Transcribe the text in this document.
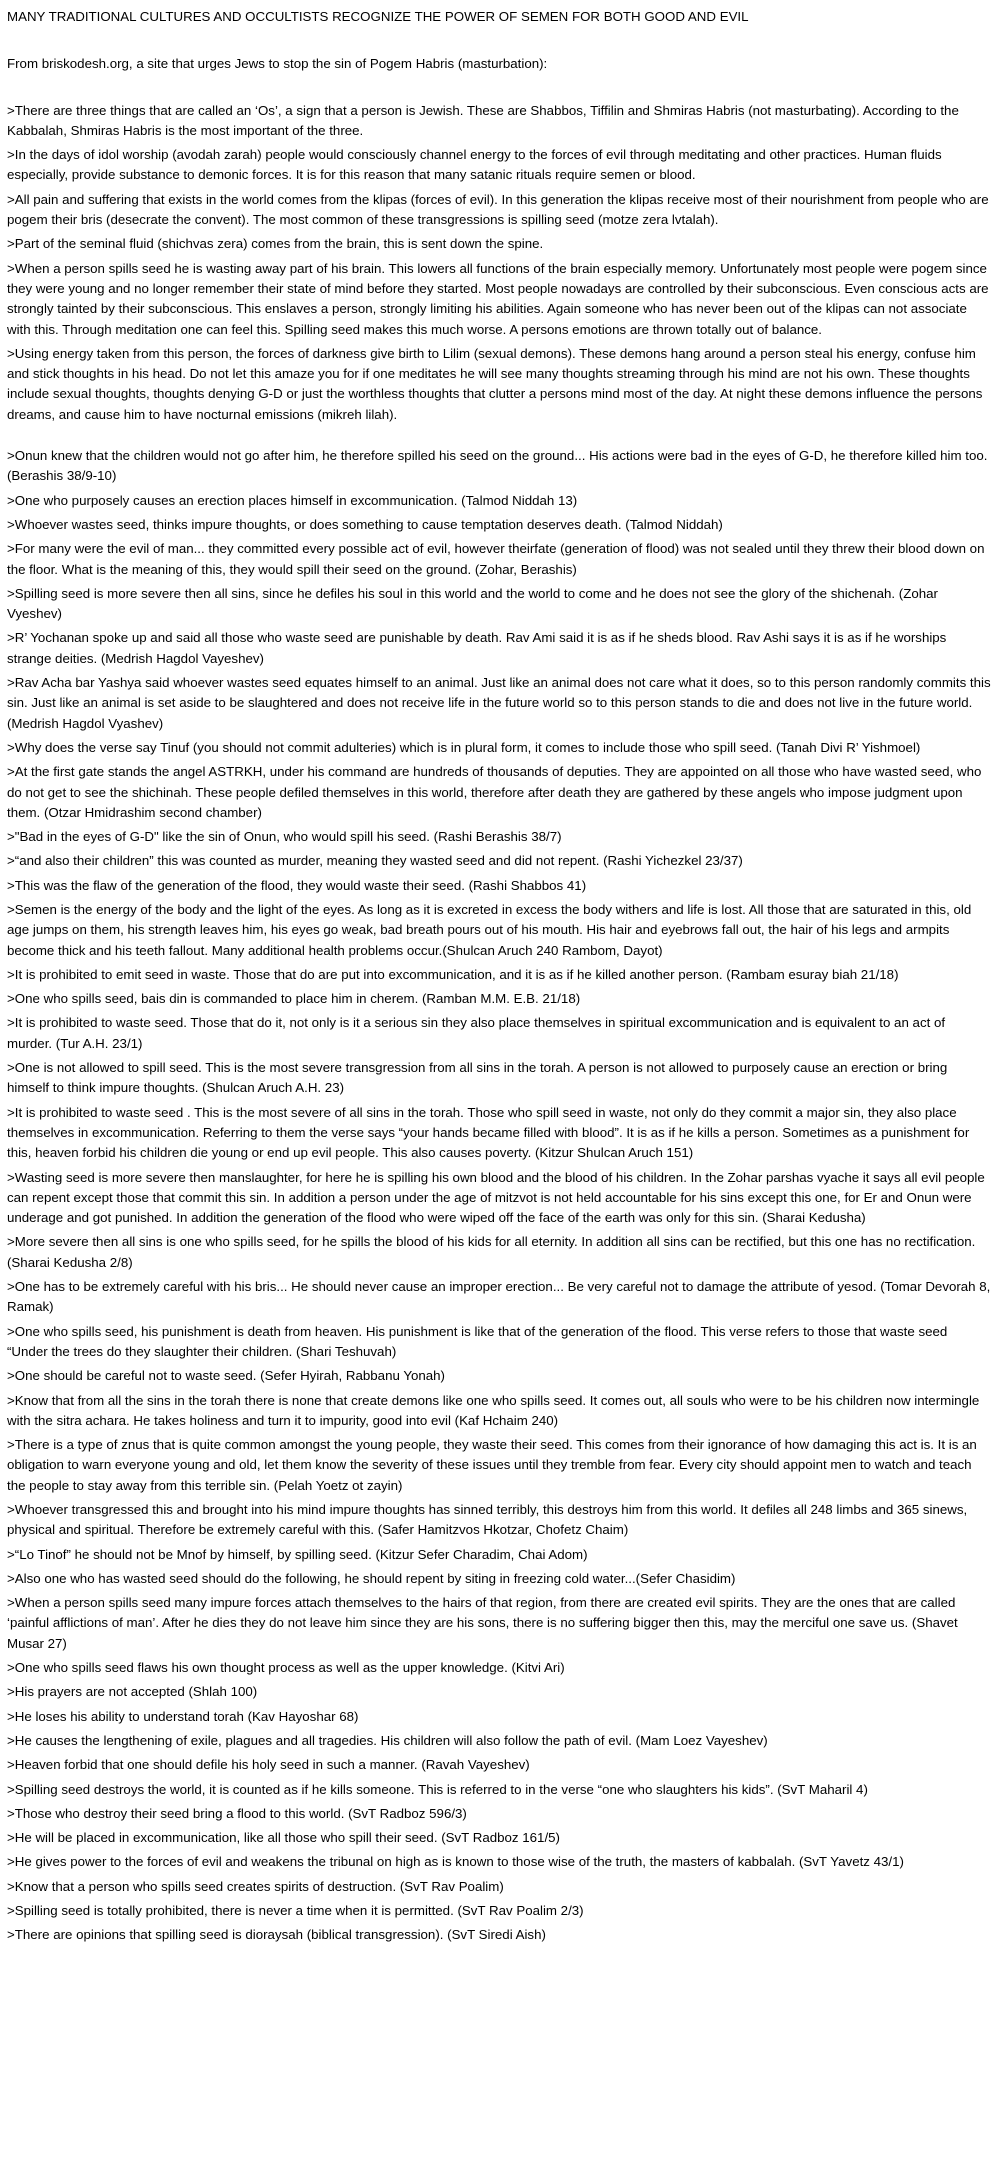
MANY TRADITIONAL CULTURES AND OCCULTISTS RECOGNIZE THE POWER OF SEMEN FOR BOTH GOOD AND EVIL

From briskodesh.org, a site that urges Jews to stop the sin of Pogem Habris (masturbation):

>There are three things that are called an ‘Os’, a sign that a person is Jewish. These are Shabbos, Tiffilin and Shmiras Habris (not masturbating). According to the Kabbalah, Shmiras Habris is the most important of the three.

>In the days of idol worship (avodah zarah) people would consciously channel energy to the forces of evil through meditating and other practices. Human fluids especially, provide substance to demonic forces. It is for this reason that many satanic rituals require semen or blood.

>All pain and suffering that exists in the world comes from the klipas (forces of evil). In this generation the klipas receive most of their nourishment from people who are pogem their bris (desecrate the convent). The most common of these transgressions is spilling seed (motze zera lvtalah).

>Part of the seminal fluid (shichvas zera) comes from the brain, this is sent down the spine.

>When a person spills seed he is wasting away part of his brain. This lowers all functions of the brain especially memory. Unfortunately most people were pogem since they were young and no longer remember their state of mind before they started. Most people nowadays are controlled by their subconscious. Even conscious acts are strongly tainted by their subconscious. This enslaves a person, strongly limiting his abilities. Again someone who has never been out of the klipas can not associate with this. Through meditation one can feel this. Spilling seed makes this much worse. A persons emotions are thrown totally out of balance.

>Using energy taken from this person, the forces of darkness give birth to Lilim (sexual demons). These demons hang around a person steal his energy, confuse him and stick thoughts in his head. Do not let this amaze you for if one meditates he will see many thoughts streaming through his mind are not his own. These thoughts include sexual thoughts, thoughts denying G-D or just the worthless thoughts that clutter a persons mind most of the day. At night these demons influence the persons dreams, and cause him to have nocturnal emissions (mikreh lilah).

>Onun knew that the children would not go after him, he therefore spilled his seed on the ground... His actions were bad in the eyes of G-D, he therefore killed him too. (Berashis 38/9-10)

>One who purposely causes an erection places himself in excommunication. (Talmod Niddah 13)

>Whoever wastes seed, thinks impure thoughts, or does something to cause temptation deserves death. (Talmod Niddah)

>For many were the evil of man... they committed every possible act of evil, however theirfate (generation of flood) was not sealed until they threw their blood down on the floor. What is the meaning of this, they would spill their seed on the ground. (Zohar, Berashis)

>Spilling seed is more severe then all sins, since he defiles his soul in this world and the world to come and he does not see the glory of the shichenah. (Zohar Vyeshev)

>R’ Yochanan spoke up and said all those who waste seed are punishable by death. Rav Ami said it is as if he sheds blood. Rav Ashi says it is as if he worships strange deities. (Medrish Hagdol Vayeshev)

>Rav Acha bar Yashya said whoever wastes seed equates himself to an animal. Just like an animal does not care what it does, so to this person randomly commits this sin. Just like an animal is set aside to be slaughtered and does not receive life in the future world so to this person stands to die and does not live in the future world. (Medrish Hagdol Vyashev)

>Why does the verse say Tinuf (you should not commit adulteries) which is in plural form, it comes to include those who spill seed. (Tanah Divi R’ Yishmoel)

>At the first gate stands the angel ASTRKH, under his command are hundreds of thousands of deputies. They are appointed on all those who have wasted seed, who do not get to see the shichinah. These people defiled themselves in this world, therefore after death they are gathered by these angels who impose judgment upon them. (Otzar Hmidrashim second chamber)

>"Bad in the eyes of G-D" like the sin of Onun, who would spill his seed. (Rashi Berashis 38/7)

>“and also their children” this was counted as murder, meaning they wasted seed and did not repent. (Rashi Yichezkel 23/37)

>This was the flaw of the generation of the flood, they would waste their seed. (Rashi Shabbos 41)

>Semen is the energy of the body and the light of the eyes. As long as it is excreted in excess the body withers and life is lost. All those that are saturated in this, old age jumps on them, his strength leaves him, his eyes go weak, bad breath pours out of his mouth. His hair and eyebrows fall out, the hair of his legs and armpits become thick and his teeth fallout. Many additional health problems occur.(Shulcan Aruch 240 Rambom, Dayot)

>It is prohibited to emit seed in waste. Those that do are put into excommunication, and it is as if he killed another person. (Rambam esuray biah 21/18)

>One who spills seed, bais din is commanded to place him in cherem. (Ramban M.M. E.B. 21/18)

>It is prohibited to waste seed. Those that do it, not only is it a serious sin they also place themselves in spiritual excommunication and is equivalent to an act of murder. (Tur A.H. 23/1)

>One is not allowed to spill seed. This is the most severe transgression from all sins in the torah. A person is not allowed to purposely cause an erection or bring himself to think impure thoughts. (Shulcan Aruch A.H. 23)

>It is prohibited to waste seed . This is the most severe of all sins in the torah. Those who spill seed in waste, not only do they commit a major sin, they also place themselves in excommunication. Referring to them the verse says “your hands became filled with blood”. It is as if he kills a person. Sometimes as a punishment for this, heaven forbid his children die young or end up evil people. This also causes poverty. (Kitzur Shulcan Aruch 151)

>Wasting seed is more severe then manslaughter, for here he is spilling his own blood and the blood of his children. In the Zohar parshas vyache it says all evil people can repent except those that commit this sin. In addition a person under the age of mitzvot is not held accountable for his sins except this one, for Er and Onun were underage and got punished. In addition the generation of the flood who were wiped off the face of the earth was only for this sin. (Sharai Kedusha)

>More severe then all sins is one who spills seed, for he spills the blood of his kids for all eternity. In addition all sins can be rectified, but this one has no rectification. (Sharai Kedusha 2/8)

>One has to be extremely careful with his bris... He should never cause an improper erection... Be very careful not to damage the attribute of yesod. (Tomar Devorah 8, Ramak)

>One who spills seed, his punishment is death from heaven. His punishment is like that of the generation of the flood. This verse refers to those that waste seed “Under the trees do they slaughter their children. (Shari Teshuvah)

>One should be careful not to waste seed. (Sefer Hyirah, Rabbanu Yonah)

>Know that from all the sins in the torah there is none that create demons like one who spills seed. It comes out, all souls who were to be his children now intermingle with the sitra achara. He takes holiness and turn it to impurity, good into evil (Kaf Hchaim 240)

>There is a type of znus that is quite common amongst the young people, they waste their seed. This comes from their ignorance of how damaging this act is. It is an obligation to warn everyone young and old, let them know the severity of these issues until they tremble from fear. Every city should appoint men to watch and teach the people to stay away from this terrible sin. (Pelah Yoetz ot zayin)

>Whoever transgressed this and brought into his mind impure thoughts has sinned terribly, this destroys him from this world. It defiles all 248 limbs and 365 sinews, physical and spiritual. Therefore be extremely careful with this. (Safer Hamitzvos Hkotzar, Chofetz Chaim)

>“Lo Tinof” he should not be Mnof by himself, by spilling seed. (Kitzur Sefer Charadim, Chai Adom)

>Also one who has wasted seed should do the following, he should repent by siting in freezing cold water...(Sefer Chasidim)

>When a person spills seed many impure forces attach themselves to the hairs of that region, from there are created evil spirits. They are the ones that are called ‘painful afflictions of man’. After he dies they do not leave him since they are his sons, there is no suffering bigger then this, may the merciful one save us. (Shavet Musar 27)

>One who spills seed flaws his own thought process as well as the upper knowledge. (Kitvi Ari)

>His prayers are not accepted (Shlah 100)

>He loses his ability to understand torah (Kav Hayoshar 68)

>He causes the lengthening of exile, plagues and all tragedies. His children will also follow the path of evil. (Mam Loez Vayeshev)

>Heaven forbid that one should defile his holy seed in such a manner. (Ravah Vayeshev)

>Spilling seed destroys the world, it is counted as if he kills someone. This is referred to in the verse “one who slaughters his kids”. (SvT Maharil 4)

>Those who destroy their seed bring a flood to this world. (SvT Radboz 596/3)

>He will be placed in excommunication, like all those who spill their seed. (SvT Radboz 161/5)

>He gives power to the forces of evil and weakens the tribunal on high as is known to those wise of the truth, the masters of kabbalah. (SvT Yavetz 43/1)

>Know that a person who spills seed creates spirits of destruction. (SvT Rav Poalim)

>Spilling seed is totally prohibited, there is never a time when it is permitted. (SvT Rav Poalim 2/3)

>There are opinions that spilling seed is dioraysah (biblical transgression). (SvT Siredi Aish)
